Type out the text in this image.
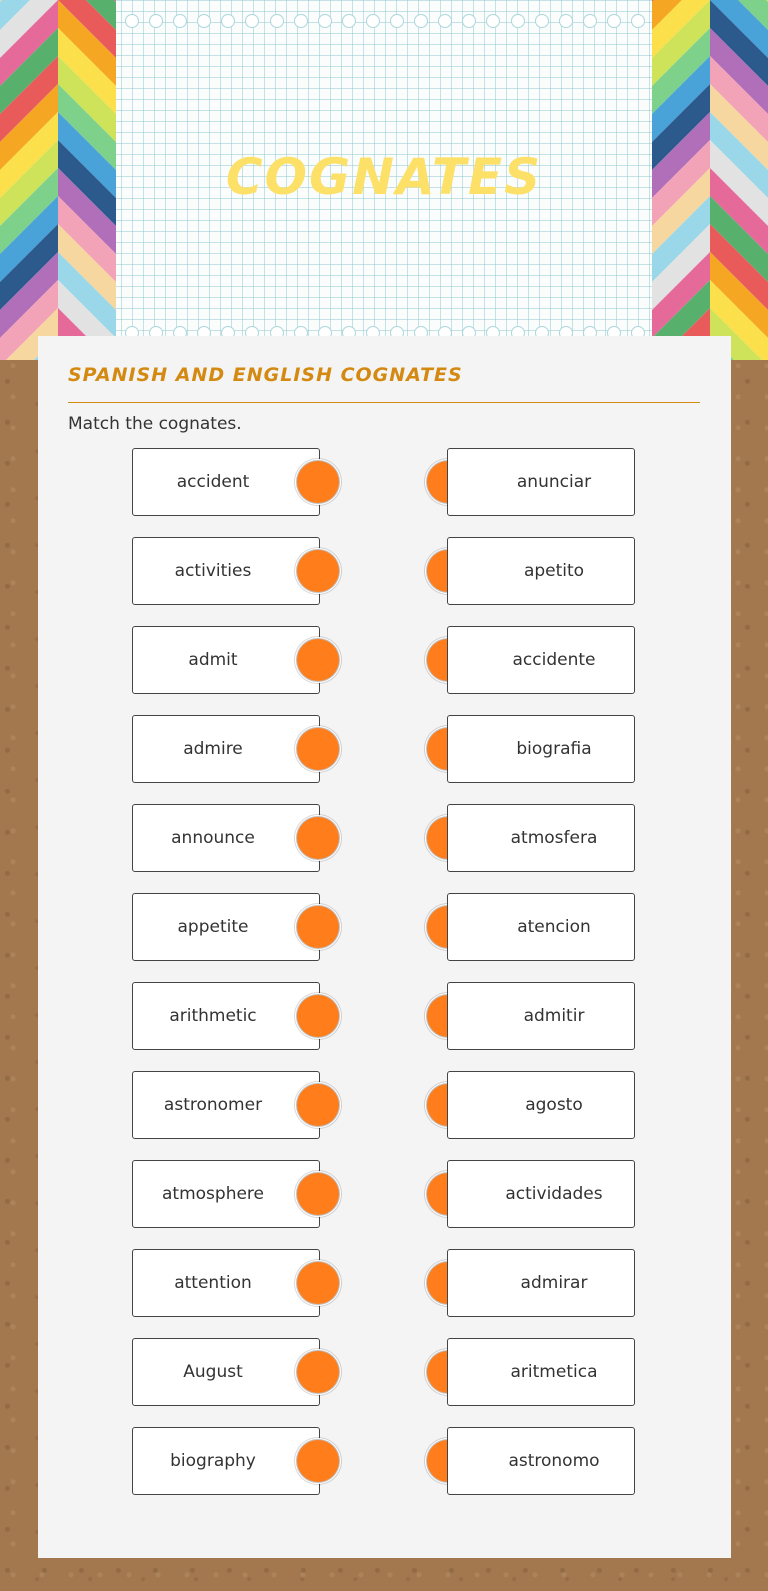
COGNATES
SPANISH AND ENGLISH COGNATES
Match the cognates.
accident	anunciar
activities	apetito
admit	accidente
admire	biografia
announce	atmosfera
appetite	atencion
arithmetic	admitir
astronomer	agosto
atmosphere	actividades
attention	admirar
August	aritmetica
biography	astronomo
